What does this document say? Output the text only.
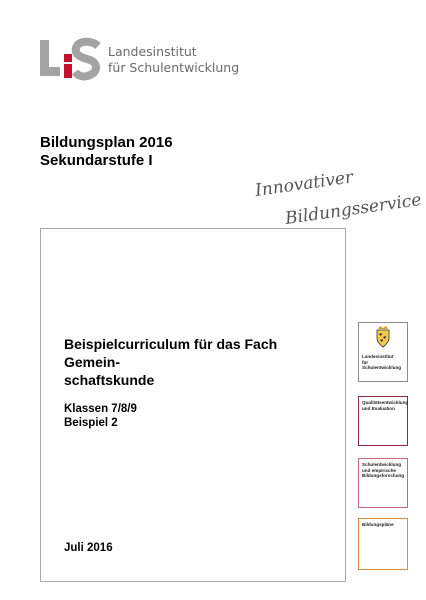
Landesinstitut
für Schulentwicklung
Bildungsplan 2016
Sekundarstufe I
Innovativer
Bildungsservice
Beispielcurriculum für das Fach Gemein-
schaftskunde
Klassen 7/8/9
Beispiel 2
Juli 2016
Landesinstitut
für Schulentwicklung
Qualitätsentwicklung
und Evaluation
Schulentwicklung
und empirische
Bildungsforschung
Bildungspläne
